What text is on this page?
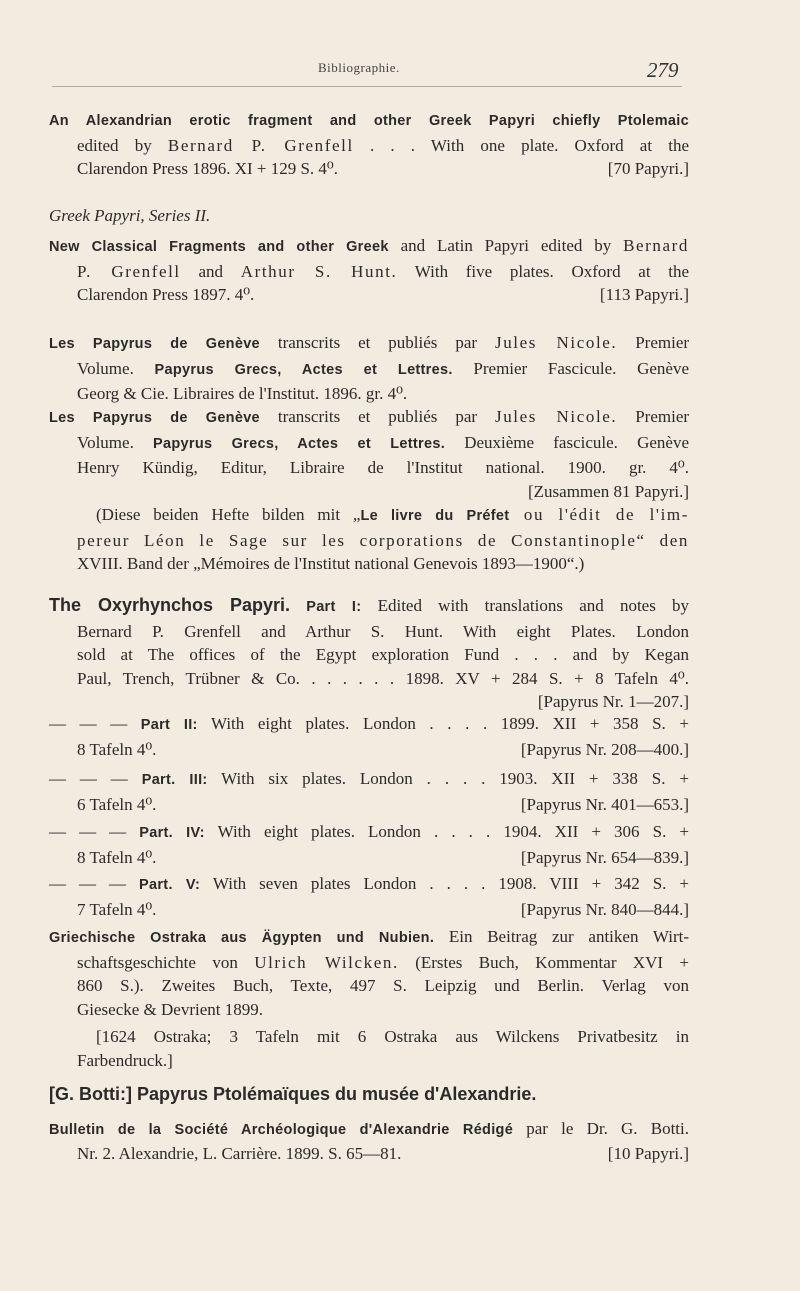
Bibliographie.	279
An Alexandrian erotic fragment and other Greek Papyri chiefly Ptolemaic
edited by Bernard P. Grenfell . . . With one plate. Oxford at the
Clarendon Press 1896. XI + 129 S. 4⁰.	[70 Papyri.]
Greek Papyri, Series II.
New Classical Fragments and other Greek and Latin Papyri edited by Bernard
P. Grenfell and Arthur S. Hunt. With five plates. Oxford at the
Clarendon Press 1897. 4⁰.	[113 Papyri.]
Les Papyrus de Genève transcrits et publiés par Jules Nicole. Premier
Volume. Papyrus Grecs, Actes et Lettres. Premier Fascicule. Genève
Georg & Cie. Libraires de l'Institut. 1896. gr. 4⁰.
Les Papyrus de Genève transcrits et publiés par Jules Nicole. Premier
Volume. Papyrus Grecs, Actes et Lettres. Deuxième fascicule. Genève
Henry Kündig, Editur, Libraire de l'Institut national. 1900. gr. 4⁰.
[Zusammen 81 Papyri.]

(Diese beiden Hefte bilden mit „Le livre du Préfet ou l'édit de l'im-
pereur Léon le Sage sur les corporations de Constantinople“ den
XVIII. Band der „Mémoires de l'Institut national Genevois 1893—1900“.)
The Oxyrhynchos Papyri. Part I: Edited with translations and notes by
Bernard P. Grenfell and Arthur S. Hunt. With eight Plates. London
sold at The offices of the Egypt exploration Fund . . . and by Kegan
Paul, Trench, Trübner & Co. . . . . . . 1898. XV + 284 S. + 8 Tafeln 4⁰.
[Papyrus Nr. 1—207.]

— — — Part II: With eight plates. London . . . . 1899. XII + 358 S. +
8 Tafeln 4⁰.	[Papyrus Nr. 208—400.]
— — — Part. III: With six plates. London . . . . 1903. XII + 338 S. +
6 Tafeln 4⁰.	[Papyrus Nr. 401—653.]
— — — Part. IV: With eight plates. London . . . . 1904. XII + 306 S. +
8 Tafeln 4⁰.	[Papyrus Nr. 654—839.]
— — — Part. V: With seven plates London . . . . 1908. VIII + 342 S. +
7 Tafeln 4⁰.	[Papyrus Nr. 840—844.]
Griechische Ostraka aus Ägypten und Nubien. Ein Beitrag zur antiken Wirt-
schaftsgeschichte von Ulrich Wilcken. (Erstes Buch, Kommentar XVI +
860 S.). Zweites Buch, Texte, 497 S. Leipzig und Berlin. Verlag von
Giesecke & Devrient 1899.
[1624 Ostraka; 3 Tafeln mit 6 Ostraka aus Wilckens Privatbesitz in
Farbendruck.]
[G. Botti:] Papyrus Ptolémaïques du musée d'Alexandrie.
Bulletin de la Société Archéologique d'Alexandrie Rédigé par le Dr. G. Botti.
Nr. 2. Alexandrie, L. Carrière. 1899. S. 65—81.	[10 Papyri.]
